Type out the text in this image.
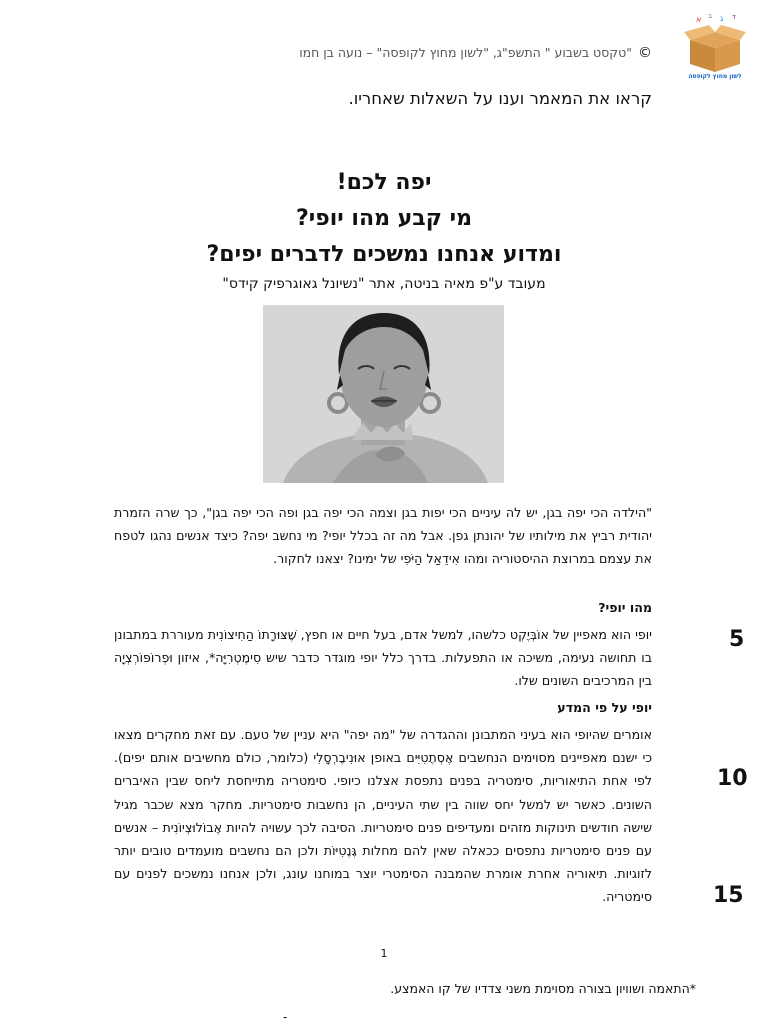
א ב ג ד
לשון מחוץ לקופסה
©"טקסט בשבוע " התשפ"ג, "לשון מחוץ לקופסה" – נועה בן חמו
קראו את המאמר וענו על השאלות שאחריו.

יפה לכם!

מי קבע מהו יופי?

ומדוע אנחנו נמשכים לדברים יפים?

מעובד ע"פ מאיה בניטה, אתר "נשיונל גאוגרפיק קידס"

"הילדה הכי יפה בגן, יש לה עיניים הכי יפות בגן וצמה הכי יפה בגן ופה הכי יפה בגן", כך שרה הזמרת יהודית רביץ את מילותיו של יהונתן גפן. אבל מה זה בכלל יופי? מי נחשב יפה? כיצד אנשים נהגו לטפח את עצמם במרוצת ההיסטוריה ומהו אִידֵאַל הַיֹּפִי של ימינו? יצאנו לחקור.

מהו יופי?

יופי הוא מאפיין של אוֹבְּיֶקְט כלשהו, למשל אדם, בעל חיים או חפץ, שֶׁצּוּרָתוֹ הַחִיצוֹנִית מעוררת במתבונן בו תחושה נעימה, משיכה או התפעלות. בדרך כלל יופי מוגדר כדבר שיש סִימֶטְרִיָּה*, איזון וּפְרוֹפּוֹרְצְיָה בין המרכיבים השונים שלו.

יופי על פי המדע

אומרים שהיופי הוא בעיני המתבונן וההגדרה של "מה יפה" היא עניין של טעם. עם זאת מחקרים מצאו כי ישנם מאפיינים מסוימים הנחשבים אֶסְתֶטִיִּים באופן אוּנִיבֶרְסָלִי (כלומר, כולם מחשיבים אותם יפים). לפי אחת התיאוריות, סימטריה בפנים נתפסת אצלנו כיופי. סימטריה מתייחסת ליחס שבין האיברים השונים. כאשר יש למשל יחס שווה בין שתי העיניים, הן נחשבות סימטריות. מחקר מצא שכבר מגיל שישה חודשים תינוקות מזהים ומעדיפים פנים סימטריות. הסיבה לכך עשויה להיות אֶבוֹלוּצְיוֹנִית – אנשים עם פנים סימטריות נתפסים ככאלה שאין להם מחלות גֶּנֶטִיּוֹת ולכן הם נחשבים מועמדים טובים יותר לזוגיות. תיאוריה אחרת אומרת שהמבנה הסימטרי יוצר במוחנו עונג, ולכן אנחנו נמשכים לפנים עם סימטריה.

5
10
15
1
*התאמה ושוויון בצורה מסוימת משני צדדיו של קו האמצע.
-
